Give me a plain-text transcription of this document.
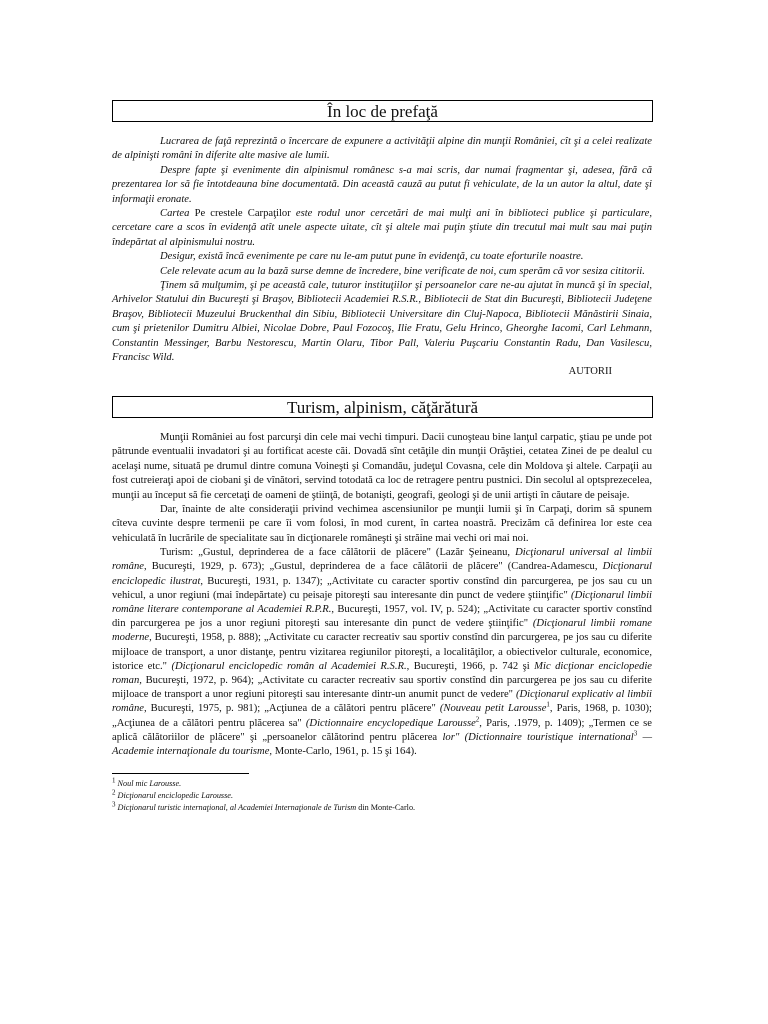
În loc de prefaţă

Lucrarea de faţă reprezintă o încercare de expunere a activităţii alpine din munţii României, cît şi a celei realizate de alpinişti români în diferite alte masive ale lumii.

Despre fapte şi evenimente din alpinismul românesc s-a mai scris, dar numai fragmentar şi, adesea, fără că prezentarea lor să fie întotdeauna bine documentată. Din această cauză au putut fi vehiculate, de la un autor la altul, date şi informaţii eronate.

Cartea Pe crestele Carpaţilor este rodul unor cercetări de mai mulţi ani în biblioteci publice şi particulare, cercetare care a scos în evidenţă atît unele aspecte uitate, cît şi altele mai puţin ştiute din trecutul mai mult sau mai puţin îndepărtat al alpinismului nostru.

Desigur, există încă evenimente pe care nu le-am putut pune în evidenţă, cu toate eforturile noastre.

Cele relevate acum au la bază surse demne de încredere, bine verificate de noi, cum sperăm că vor sesiza cititorii.

Ţinem să mulţumim, şi pe această cale, tuturor instituţiilor şi persoanelor care ne-au ajutat în muncă şi în special, Arhivelor Statului din Bucureşti şi Braşov, Bibliotecii Academiei R.S.R., Bibliotecii de Stat din Bucureşti, Bibliotecii Judeţene Braşov, Bibliotecii Muzeului Bruckenthal din Sibiu, Bibliotecii Universitare din Cluj-Napoca, Bibliotecii Mănăstirii Sinaia, cum şi prietenilor Dumitru Albiei, Nicolae Dobre, Paul Fozocoş, Ilie Fratu, Gelu Hrinco, Gheorghe Iacomi, Carl Lehmann, Constantin Messinger, Barbu Nestorescu, Martin Olaru, Tibor Pall, Valeriu Puşcariu Constantin Radu, Dan Vasilescu, Francisc Wild.

AUTORII
Turism, alpinism, căţărătură

Munţii României au fost parcurşi din cele mai vechi timpuri. Dacii cunoşteau bine lanţul carpatic, ştiau pe unde pot pătrunde eventualii invadatori şi au fortificat aceste căi. Dovadă sînt cetăţile din munţii Orăştiei, cetatea Zinei de pe dealul cu acelaşi nume, situată pe drumul dintre comuna Voineşti şi Comandău, judeţul Covasna, cele din Moldova şi altele. Carpaţii au fost cutreieraţi apoi de ciobani şi de vînători, servind totodată ca loc de retragere pentru pustnici. Din secolul al optsprezecelea, munţii au început să fie cercetaţi de oameni de ştiinţă, de botanişti, geografi, geologi şi de unii artişti în căutare de peisaje.

Dar, înainte de alte consideraţii privind vechimea ascensiunilor pe munţii lumii şi în Carpaţi, dorim să spunem cîteva cuvinte despre termenii pe care îi vom folosi, în mod curent, în cartea noastră. Precizăm că definirea lor este cea vehiculată în lucrările de specialitate sau în dicţionarele româneşti şi străine mai vechi ori mai noi.

Turism: „Gustul, deprinderea de a face călătorii de plăcere" (Lazăr Şeineanu, Dicţionarul universal al limbii române, Bucureşti, 1929, p. 673); „Gustul, deprinderea de a face călătorii de plăcere" (Candrea-Adamescu, Dicţionarul enciclopedic ilustrat, Bucureşti, 1931, p. 1347); „Activitate cu caracter sportiv constînd din parcurgerea, pe jos sau cu un vehicul, a unor regiuni (mai îndepărtate) cu peisaje pitoreşti sau interesante din punct de vedere ştiinţific" (Dicţionarul limbii române literare contemporane al Academiei R.P.R., Bucureşti, 1957, vol. IV, p. 524); „Activitate cu caracter sportiv constînd din parcurgerea pe jos a unor regiuni pitoreşti sau interesante din punct de vedere ştiinţific" (Dicţionarul limbii romane moderne, Bucureşti, 1958, p. 888); „Activitate cu caracter recreativ sau sportiv constînd din parcurgerea, pe jos sau cu diferite mijloace de transport, a unor distanţe, pentru vizitarea regiunilor pitoreşti, a localităţilor, a obiectivelor culturale, economice, istorice etc." (Dicţionarul enciclopedic român al Academiei R.S.R., Bucureşti, 1966, p. 742 şi Mic dicţionar enciclopedie roman, Bucureşti, 1972, p. 964); „Activitate cu caracter recreativ sau sportiv constînd din parcurgerea pe jos sau cu diferite mijloace de transport a unor regiuni pitoreşti sau interesante dintr-un anumit punct de vedere" (Dicţionarul explicativ al limbii române, Bucureşti, 1975, p. 981); „Acţiunea de a călători pentru plăcere" (Nouveau petit Larousse$^1$, Paris, 1968, p. 1030); „Acţiunea de a călători pentru plăcerea sa" (Dictionnaire encyclopedique Larousse$^2$, Paris, .1979, p. 1409); „Termen ce se aplică călătoriilor de plăcere" şi „persoanelor călătorind pentru plăcerea lor" (Dictionnaire touristique international$^3$ — Academie internaţionale du tourisme, Monte-Carlo, 1961, p. 15 şi 164).

$^1$ Noul mic Larousse.
$^2$ Dicţionarul enciclopedic Larousse.
$^3$ Dicţionarul turistic internaţional, al Academiei Internaţionale de Turism din Monte-Carlo.
